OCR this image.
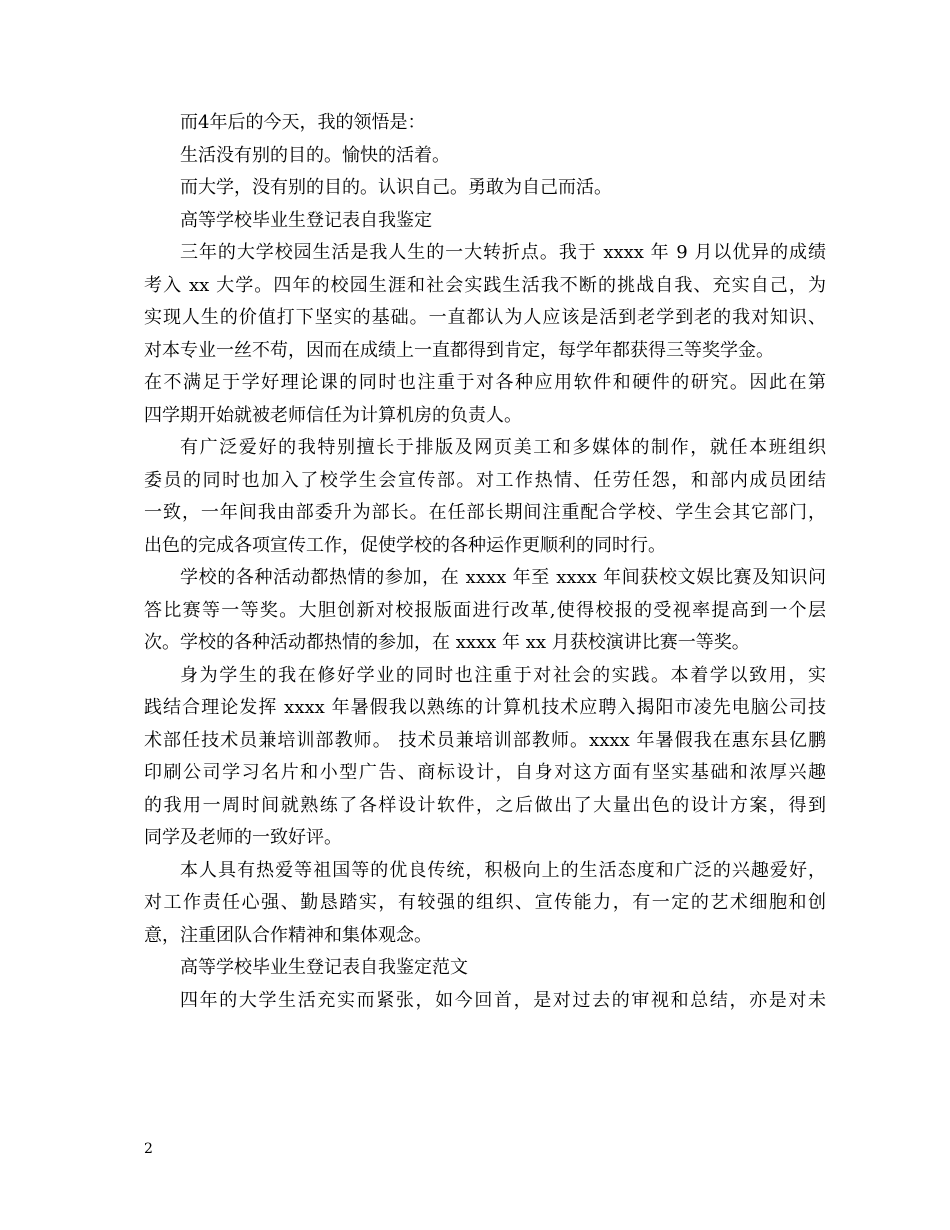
而4年后的今天，我的领悟是：
生活没有别的目的。愉快的活着。
而大学，没有别的目的。认识自己。勇敢为自己而活。
高等学校毕业生登记表自我鉴定
三年的大学校园生活是我人生的一大转折点。我于 xxxx 年 9 月以优异的成绩
考入 xx 大学。四年的校园生涯和社会实践生活我不断的挑战自我、充实自己，为
实现人生的价值打下坚实的基础。一直都认为人应该是活到老学到老的我对知识、
对本专业一丝不苟，因而在成绩上一直都得到肯定，每学年都获得三等奖学金。
在不满足于学好理论课的同时也注重于对各种应用软件和硬件的研究。因此在第
四学期开始就被老师信任为计算机房的负责人。
有广泛爱好的我特别擅长于排版及网页美工和多媒体的制作，就任本班组织
委员的同时也加入了校学生会宣传部。对工作热情、任劳任怨，和部内成员团结
一致，一年间我由部委升为部长。在任部长期间注重配合学校、学生会其它部门，
出色的完成各项宣传工作，促使学校的各种运作更顺利的同时行。
学校的各种活动都热情的参加，在 xxxx 年至 xxxx 年间获校文娱比赛及知识问
答比赛等一等奖。大胆创新对校报版面进行改革,使得校报的受视率提高到一个层
次。学校的各种活动都热情的参加，在 xxxx 年 xx 月获校演讲比赛一等奖。
身为学生的我在修好学业的同时也注重于对社会的实践。本着学以致用，实
践结合理论发挥 xxxx 年暑假我以熟练的计算机技术应聘入揭阳市凌先电脑公司技
术部任技术员兼培训部教师。 技术员兼培训部教师。xxxx 年暑假我在惠东县亿鹏
印刷公司学习名片和小型广告、商标设计，自身对这方面有坚实基础和浓厚兴趣
的我用一周时间就熟练了各样设计软件，之后做出了大量出色的设计方案，得到
同学及老师的一致好评。
本人具有热爱等祖国等的优良传统，积极向上的生活态度和广泛的兴趣爱好，
对工作责任心强、勤恳踏实，有较强的组织、宣传能力，有一定的艺术细胞和创
意，注重团队合作精神和集体观念。
高等学校毕业生登记表自我鉴定范文
四年的大学生活充实而紧张，如今回首，是对过去的审视和总结，亦是对未
2
